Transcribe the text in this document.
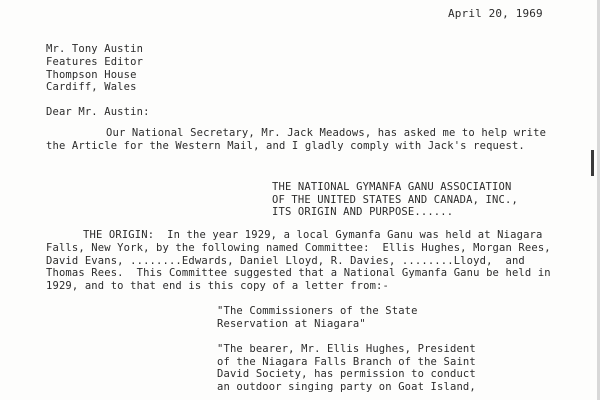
April 20, 1969
Mr. Tony Austin
Features Editor
Thompson House
Cardiff, Wales
Dear Mr. Austin:
Our National Secretary, Mr. Jack Meadows, has asked me to help write
the Article for the Western Mail, and I gladly comply with Jack's request.
THE NATIONAL GYMANFA GANU ASSOCIATION
OF THE UNITED STATES AND CANADA, INC.,
ITS ORIGIN AND PURPOSE......
THE ORIGIN:  In the year 1929, a local Gymanfa Ganu was held at Niagara
Falls, New York, by the following named Committee:  Ellis Hughes, Morgan Rees,
David Evans, ........Edwards, Daniel Lloyd, R. Davies, ........Lloyd,  and
Thomas Rees.  This Committee suggested that a National Gymanfa Ganu be held in
1929, and to that end is this copy of a letter from:-
"The Commissioners of the State
Reservation at Niagara"
"The bearer, Mr. Ellis Hughes, President
of the Niagara Falls Branch of the Saint
David Society, has permission to conduct
an outdoor singing party on Goat Island,
